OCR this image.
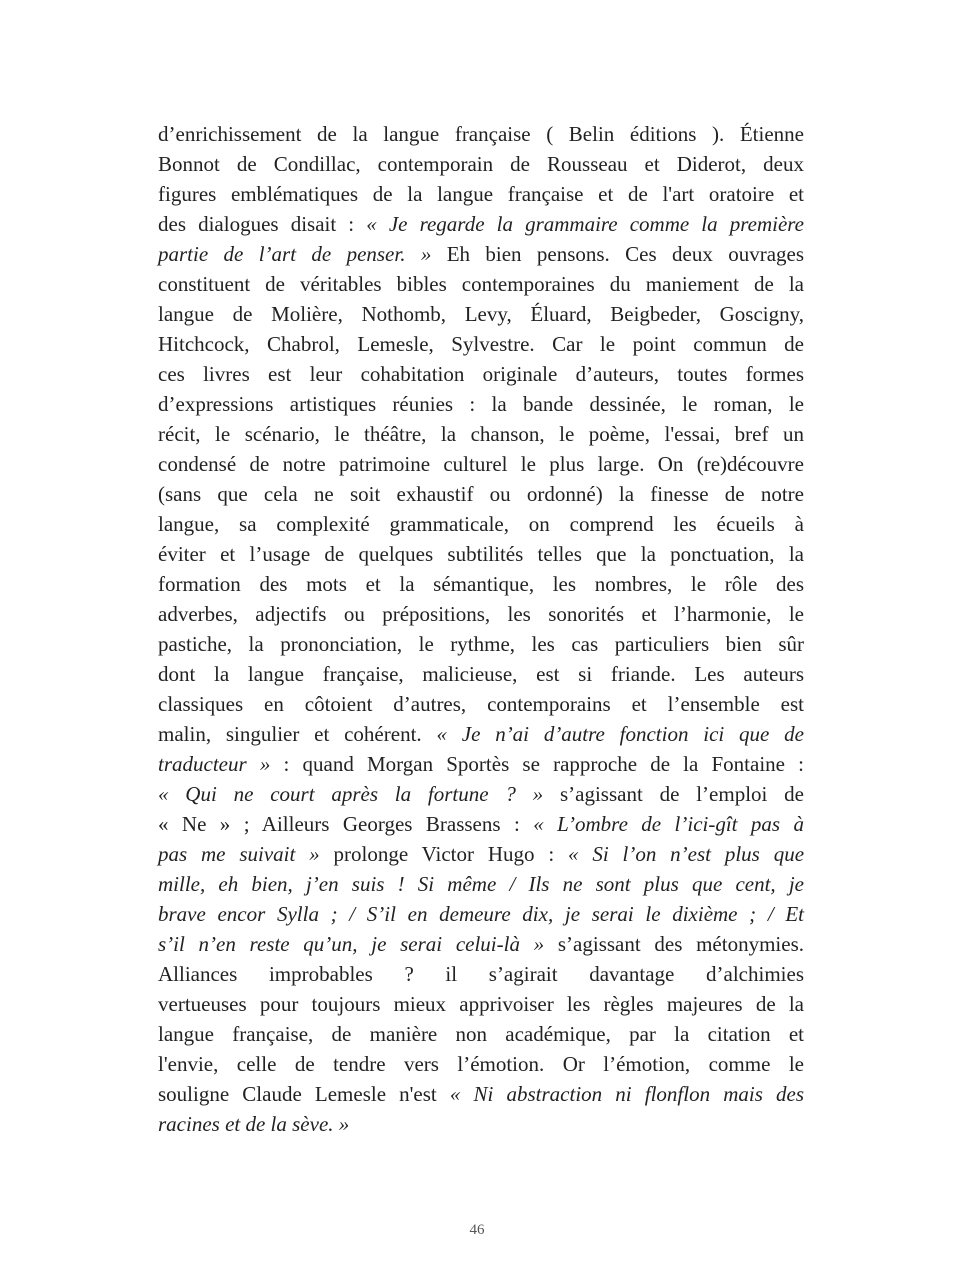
d’enrichissement de la langue française ( Belin éditions ). Étienne
Bonnot de Condillac, contemporain de Rousseau et Diderot, deux
figures emblématiques de la langue française et de l'art oratoire et
des dialogues disait : « Je regarde la grammaire comme la première
partie de l’art de penser. » Eh bien pensons. Ces deux ouvrages
constituent de véritables bibles contemporaines du maniement de la
langue de Molière, Nothomb, Levy, Éluard, Beigbeder, Goscigny,
Hitchcock, Chabrol, Lemesle, Sylvestre. Car le point commun de
ces livres est leur cohabitation originale d’auteurs, toutes formes
d’expressions artistiques réunies : la bande dessinée, le roman, le
récit, le scénario, le théâtre, la chanson, le poème, l'essai, bref un
condensé de notre patrimoine culturel le plus large. On (re)découvre
(sans que cela ne soit exhaustif ou ordonné) la finesse de notre
langue, sa complexité grammaticale, on comprend les écueils à
éviter et l’usage de quelques subtilités telles que la ponctuation, la
formation des mots et la sémantique, les nombres, le rôle des
adverbes, adjectifs ou prépositions, les sonorités et l’harmonie, le
pastiche, la prononciation, le rythme, les cas particuliers bien sûr
dont la langue française, malicieuse, est si friande. Les auteurs
classiques en côtoient d’autres, contemporains et l’ensemble est
malin, singulier et cohérent. « Je n’ai d’autre fonction ici que de
traducteur » : quand Morgan Sportès se rapproche de la Fontaine :
« Qui ne court après la fortune ? » s’agissant de l’emploi de
« Ne » ; Ailleurs Georges Brassens : « L’ombre de l’ici-gît pas à
pas me suivait » prolonge Victor Hugo : « Si l’on n’est plus que
mille, eh bien, j’en suis ! Si même / Ils ne sont plus que cent, je
brave encor Sylla ; / S’il en demeure dix, je serai le dixième ; / Et
s’il n’en reste qu’un, je serai celui-là » s’agissant des métonymies.
Alliances improbables ? il s’agirait davantage d’alchimies
vertueuses pour toujours mieux apprivoiser les règles majeures de la
langue française, de manière non académique, par la citation et
l'envie, celle de tendre vers l’émotion. Or l’émotion, comme le
souligne Claude Lemesle n'est « Ni abstraction ni flonflon mais des
racines et de la sève. »
46
